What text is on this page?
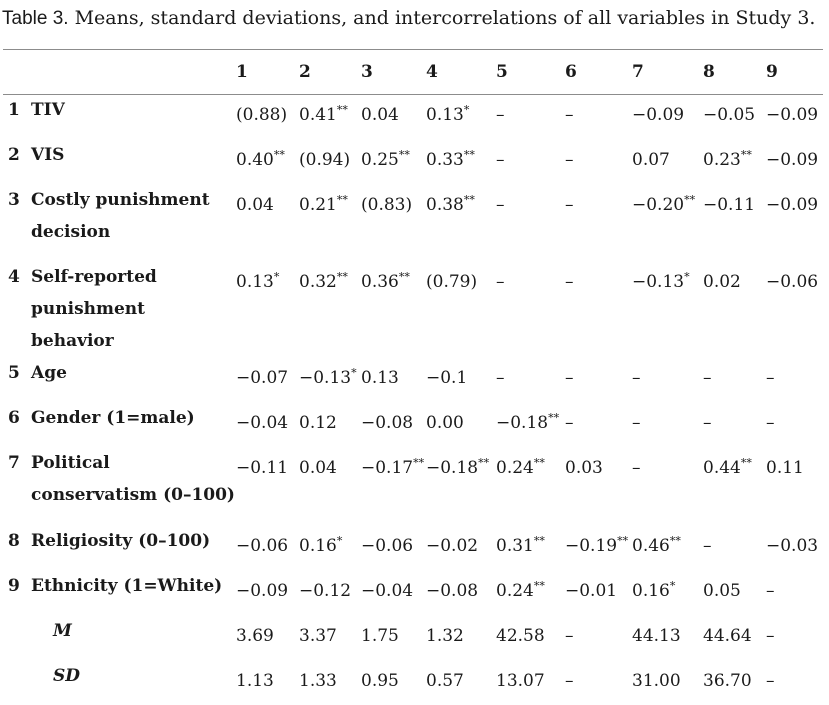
Table 3. Means, standard deviations, and intercorrelations of all variables in Study 3.
		1	2	3	4	5	6	7	8	9
1	TIV	(0.88)	0.41**	0.04	0.13*	–	–	−0.09	−0.05	−0.09
2	VIS	0.40**	(0.94)	0.25**	0.33**	–	–	0.07	0.23**	−0.09
3	Costly punishment decision	0.04	0.21**	(0.83)	0.38**	–	–	−0.20**	−0.11	−0.09
4	Self-reported punishment behavior	0.13*	0.32**	0.36**	(0.79)	–	–	−0.13*	0.02	−0.06
5	Age	−0.07	−0.13*	0.13	−0.1	–	–	–	–	–
6	Gender (1=male)	−0.04	0.12	−0.08	0.00	−0.18**	–	–	–	–
7	Political conservatism (0–100)	−0.11	0.04	−0.17**	−0.18**	0.24**	0.03	–	0.44**	0.11
8	Religiosity (0–100)	−0.06	0.16*	−0.06	−0.02	0.31**	−0.19**	0.46**	–	−0.03
9	Ethnicity (1=White)	−0.09	−0.12	−0.04	−0.08	0.24**	−0.01	0.16*	0.05	–
	M	3.69	3.37	1.75	1.32	42.58	–	44.13	44.64	–
	SD	1.13	1.33	0.95	0.57	13.07	–	31.00	36.70	–
